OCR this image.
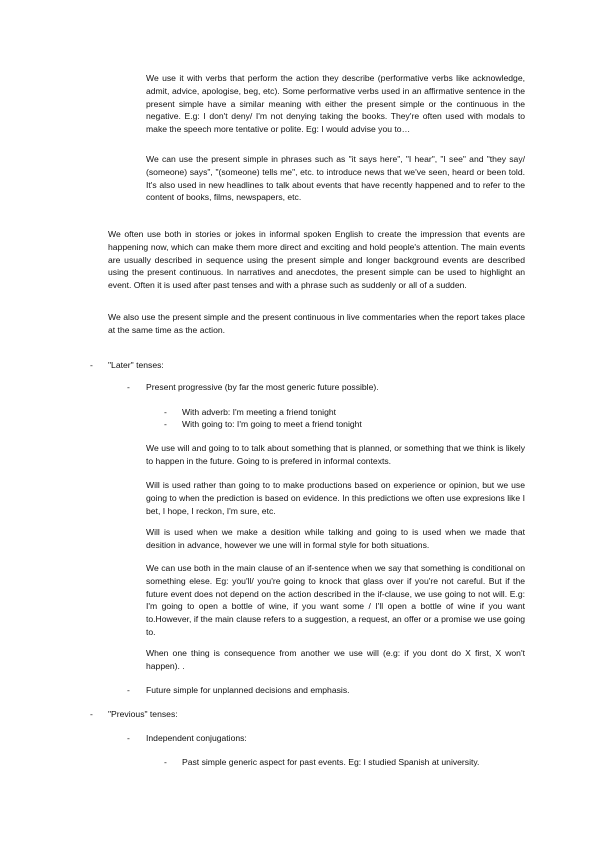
We use it with verbs that perform the action they describe (performative verbs like acknowledge, admit, advice, apologise, beg, etc). Some performative verbs used in an affirmative sentence in the present simple have a similar meaning with either the present simple or the continuous in the negative. E.g: I don't deny/ I'm not denying taking the books. They're often used with modals to make the speech more tentative or polite. Eg: I would advise you to…

We can use the present simple in phrases such as "it says here", "I hear", "I see" and "they say/ (someone) says", "(someone) tells me", etc. to introduce news that we've seen, heard or been told. It's also used in new headlines to talk about events that have recently happened and to refer to the content of books, films, newspapers, etc.

We often use both in stories or jokes in informal spoken English to create the impression that events are happening now, which can make them more direct and exciting and hold people's attention. The main events are usually described in sequence using the present simple and longer background events are described using the present continuous. In narratives and anecdotes, the present simple can be used to highlight an event. Often it is used after past tenses and with a phrase such as suddenly or all of a sudden.

We also use the present simple and the present continuous in live commentaries when the report takes place at the same time as the action.

- "Later" tenses:
- Present progressive (by far the most generic future possible).
- With adverb: I'm meeting a friend tonight
- With going to: I'm going to meet a friend tonight

We use will and going to to talk about something that is planned, or something that we think is likely to happen in the future. Going to is prefered in informal contexts.

Will is used rather than going to to make productions based on experience or opinion, but we use going to when the prediction is based on evidence. In this predictions we often use expresions like I bet, I hope, I reckon, I'm sure, etc.

Will is used when we make a desition while talking and going to is used when we made that desition in advance, however we une will in formal style for both situations.

We can use both in the main clause of an if-sentence when we say that something is conditional on something elese. Eg: you'll/ you're going to knock that glass over if you're not careful. But if the future event does not depend on the action described in the if-clause, we use going to not will. E.g: I'm going to open a bottle of wine, if you want some / I'll open a bottle of wine if you want to.However, if the main clause refers to a suggestion, a request, an offer or a promise we use going to.

When one thing is consequence from another we use will (e.g: if you dont do X first, X won't happen). .

- Future simple for unplanned decisions and emphasis.
- "Previous" tenses:
- Independent conjugations:
- Past simple generic aspect for past events. Eg: I studied Spanish at university.
